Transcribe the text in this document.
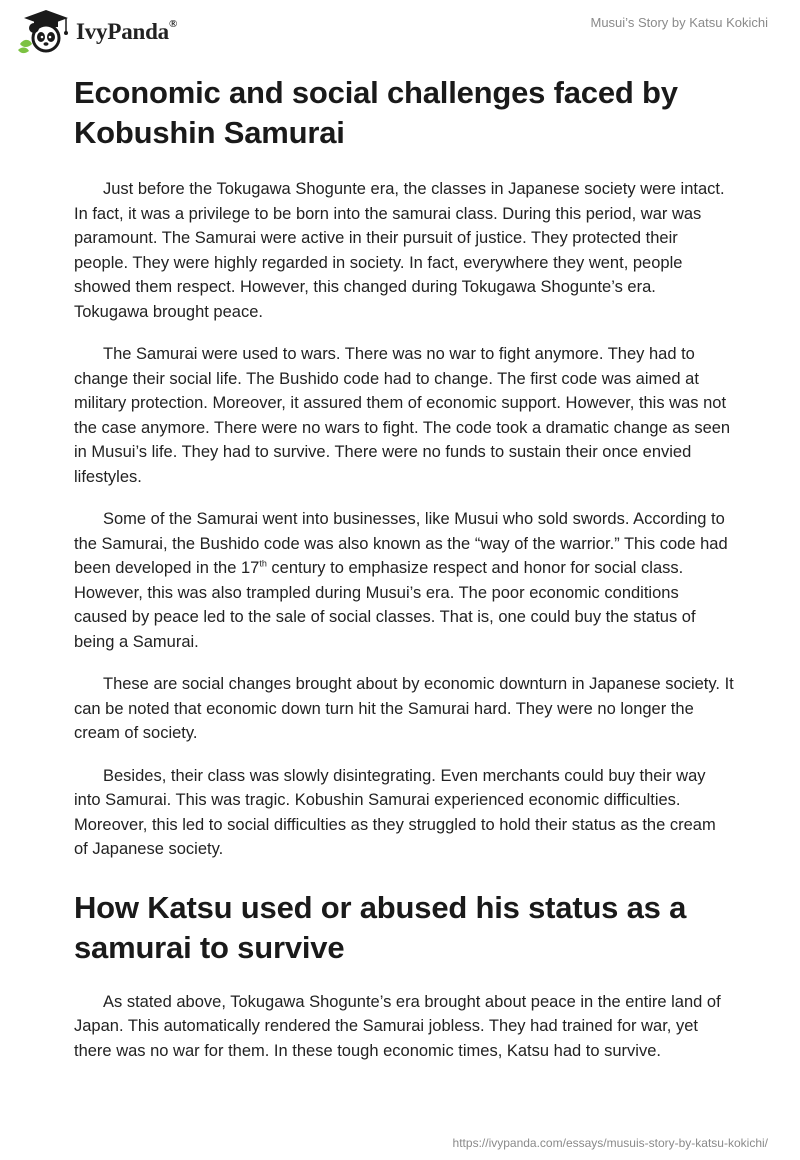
IvyPanda®	Musui’s Story by Katsu Kokichi
Economic and social challenges faced by Kobushin Samurai

Just before the Tokugawa Shogunte era, the classes in Japanese society were intact. In fact, it was a privilege to be born into the samurai class. During this period, war was paramount. The Samurai were active in their pursuit of justice. They protected their people. They were highly regarded in society. In fact, everywhere they went, people showed them respect. However, this changed during Tokugawa Shogunte’s era. Tokugawa brought peace.

The Samurai were used to wars. There was no war to fight anymore. They had to change their social life. The Bushido code had to change. The first code was aimed at military protection. Moreover, it assured them of economic support. However, this was not the case anymore. There were no wars to fight. The code took a dramatic change as seen in Musui’s life. They had to survive. There were no funds to sustain their once envied lifestyles.

Some of the Samurai went into businesses, like Musui who sold swords. According to the Samurai, the Bushido code was also known as the “way of the warrior.” This code had been developed in the 17th century to emphasize respect and honor for social class. However, this was also trampled during Musui’s era. The poor economic conditions caused by peace led to the sale of social classes. That is, one could buy the status of being a Samurai.

These are social changes brought about by economic downturn in Japanese society. It can be noted that economic down turn hit the Samurai hard. They were no longer the cream of society.

Besides, their class was slowly disintegrating. Even merchants could buy their way into Samurai. This was tragic. Kobushin Samurai experienced economic difficulties. Moreover, this led to social difficulties as they struggled to hold their status as the cream of Japanese society.

How Katsu used or abused his status as a samurai to survive

As stated above, Tokugawa Shogunte’s era brought about peace in the entire land of Japan. This automatically rendered the Samurai jobless. They had trained for war, yet there was no war for them. In these tough economic times, Katsu had to survive.

https://ivypanda.com/essays/musuis-story-by-katsu-kokichi/
